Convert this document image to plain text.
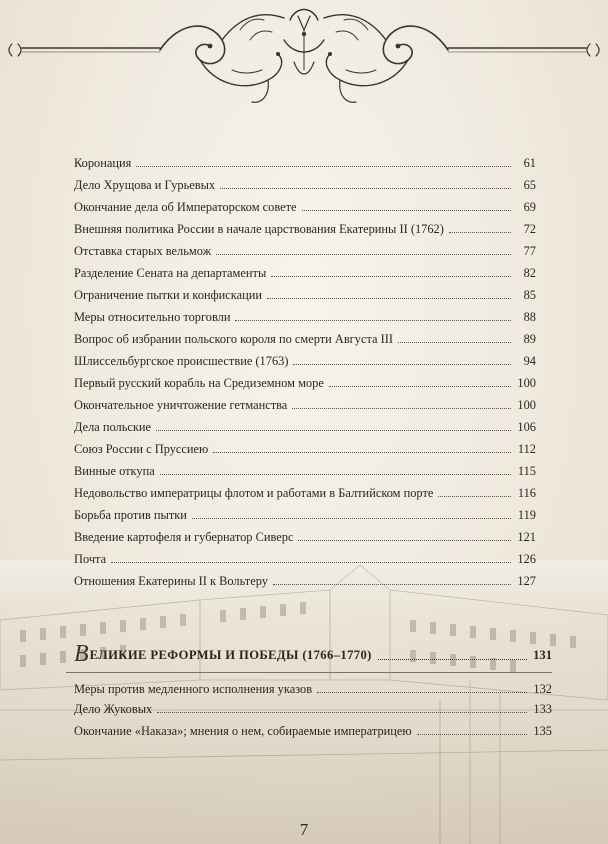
Коронация	61
Дело Хрущова и Гурьевых	65
Окончание дела об Императорском совете	69
Внешняя политика России в начале царствования Екатерины II (1762)	72
Отставка старых вельмож	77
Разделение Сената на департаменты	82
Ограничение пытки и конфискации	85
Меры относительно торговли	88
Вопрос об избрании польского короля по смерти Августа III	89
Шлиссельбургское происшествие (1763)	94
Первый русский корабль на Средиземном море	100
Окончательное уничтожение гетманства	100
Дела польские	106
Союз России с Пруссиею	112
Винные откупа	115
Недовольство императрицы флотом и работами в Балтийском порте	116
Борьба против пытки	119
Введение картофеля и губернатор Сиверс	121
Почта	126
Отношения Екатерины II к Вольтеру	127
В ЕЛИКИЕ РЕФОРМЫ И ПОБЕДЫ (1766–1770)	131
Меры против медленного исполнения указов	132
Дело Жуковых	133
Окончание «Наказа»; мнения о нем, собираемые императрицею	135
7
